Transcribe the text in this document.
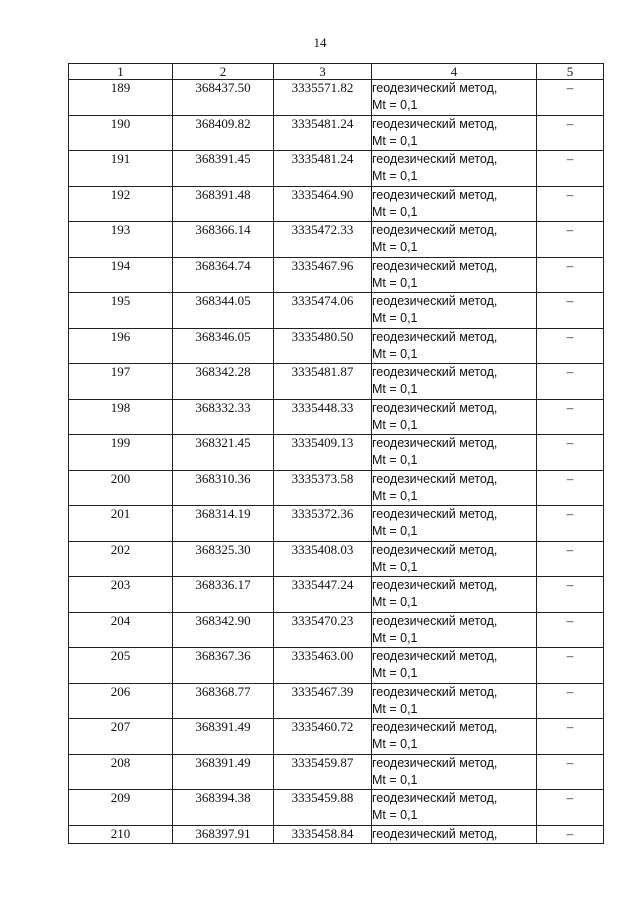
14
1	2	3	4	5
189	368437.50	3335571.82	геодезический метод,
Mt = 0,1	–
190	368409.82	3335481.24	геодезический метод,
Mt = 0,1	–
191	368391.45	3335481.24	геодезический метод,
Mt = 0,1	–
192	368391.48	3335464.90	геодезический метод,
Mt = 0,1	–
193	368366.14	3335472.33	геодезический метод,
Mt = 0,1	–
194	368364.74	3335467.96	геодезический метод,
Mt = 0,1	–
195	368344.05	3335474.06	геодезический метод,
Mt = 0,1	–
196	368346.05	3335480.50	геодезический метод,
Mt = 0,1	–
197	368342.28	3335481.87	геодезический метод,
Mt = 0,1	–
198	368332.33	3335448.33	геодезический метод,
Mt = 0,1	–
199	368321.45	3335409.13	геодезический метод,
Mt = 0,1	–
200	368310.36	3335373.58	геодезический метод,
Mt = 0,1	–
201	368314.19	3335372.36	геодезический метод,
Mt = 0,1	–
202	368325.30	3335408.03	геодезический метод,
Mt = 0,1	–
203	368336.17	3335447.24	геодезический метод,
Mt = 0,1	–
204	368342.90	3335470.23	геодезический метод,
Mt = 0,1	–
205	368367.36	3335463.00	геодезический метод,
Mt = 0,1	–
206	368368.77	3335467.39	геодезический метод,
Mt = 0,1	–
207	368391.49	3335460.72	геодезический метод,
Mt = 0,1	–
208	368391.49	3335459.87	геодезический метод,
Mt = 0,1	–
209	368394.38	3335459.88	геодезический метод,
Mt = 0,1	–
210	368397.91	3335458.84	геодезический метод,	–
